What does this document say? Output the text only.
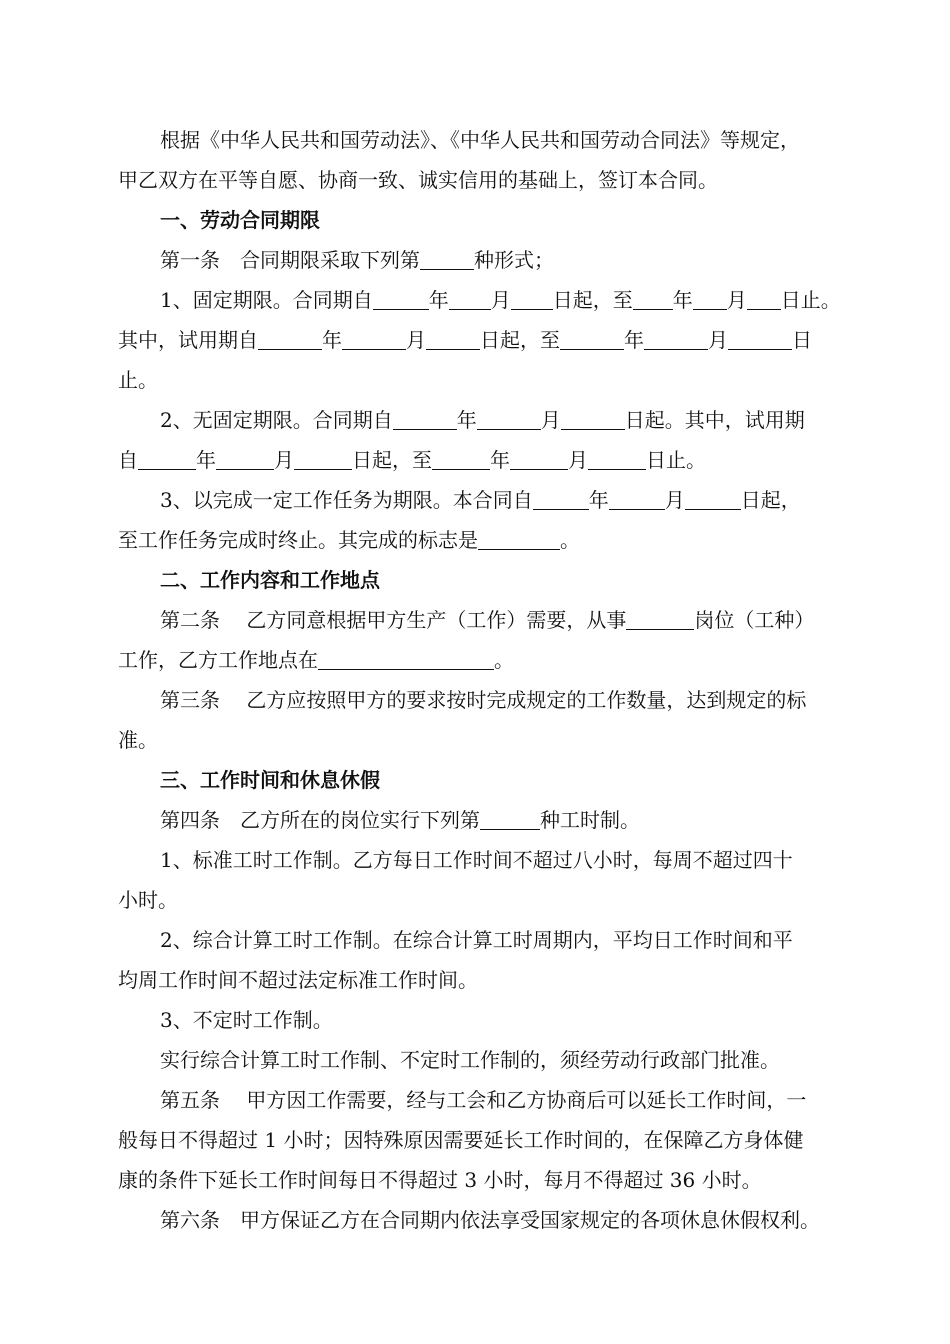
根据《中华人民共和国劳动法》、《中华人民共和国劳动合同法》等规定，
甲乙双方在平等自愿、协商一致、诚实信用的基础上，签订本合同。
一、劳动合同期限
第一条　合同期限采取下列第	种形式；
1、固定期限。合同期自	年 月 日起，至 年 月 日止。
其中，试用期自	年	月	日起，至	年	月	日
止。
2、无固定期限。合同期自	年	月	日起。其中，试用期
自	年	月	日起，至	年	月	日止。
3、以完成一定工作任务为期限。本合同自	年	月	日起，
至工作任务完成时终止。其完成的标志是	。
二、工作内容和工作地点
第二条　 乙方同意根据甲方生产（工作）需要，从事	岗位（工种）
工作，乙方工作地点在	。
第三条　 乙方应按照甲方的要求按时完成规定的工作数量，达到规定的标
准。
三、工作时间和休息休假
第四条　乙方所在的岗位实行下列第	种工时制。
1、标准工时工作制。乙方每日工作时间不超过八小时，每周不超过四十
小时。
2、综合计算工时工作制。在综合计算工时周期内，平均日工作时间和平
均周工作时间不超过法定标准工作时间。
3、不定时工作制。
实行综合计算工时工作制、不定时工作制的，须经劳动行政部门批准。
第五条　 甲方因工作需要，经与工会和乙方协商后可以延长工作时间，一
般每日不得超过 1 小时；因特殊原因需要延长工作时间的，在保障乙方身体健
康的条件下延长工作时间每日不得超过 3 小时，每月不得超过 36 小时。
第六条　甲方保证乙方在合同期内依法享受国家规定的各项休息休假权利。
